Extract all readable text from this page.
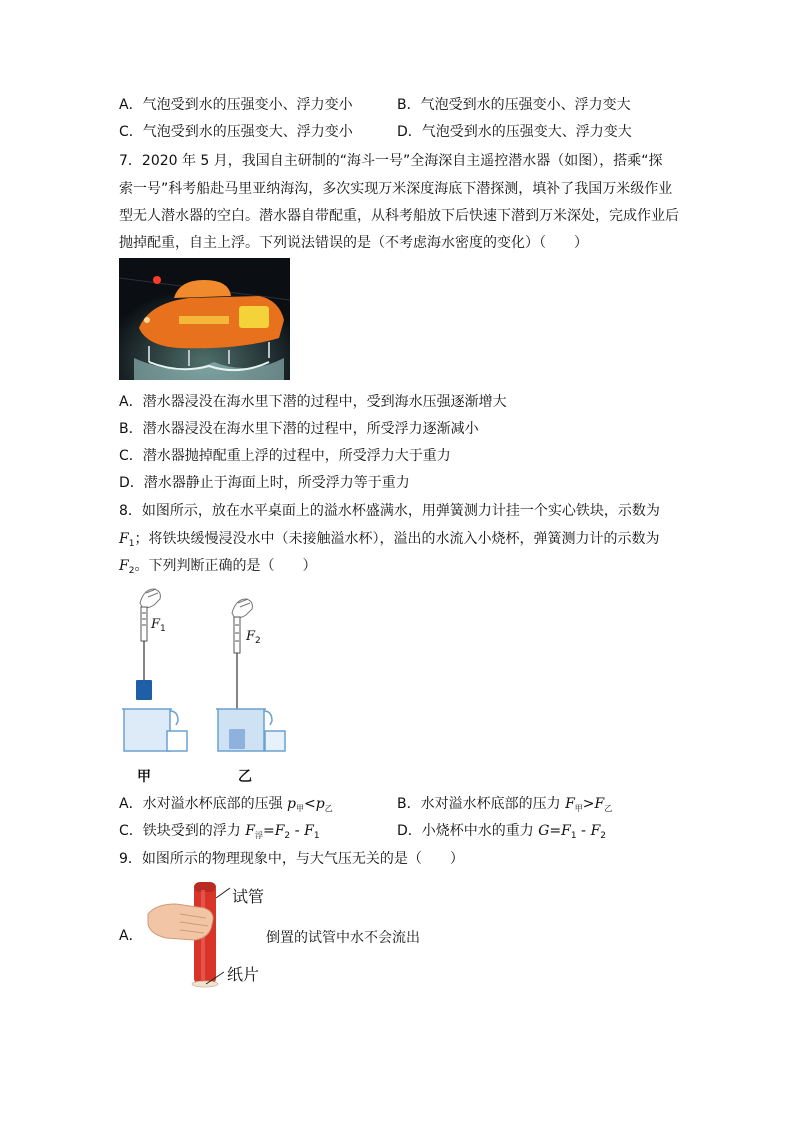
A．气泡受到水的压强变小、浮力变小	B．气泡受到水的压强变小、浮力变大
C．气泡受到水的压强变大、浮力变小	D．气泡受到水的压强变大、浮力变大
7．2020 年 5 月，我国自主研制的“海斗一号”全海深自主遥控潜水器（如图），搭乘“探
索一号”科考船赴马里亚纳海沟，多次实现万米深度海底下潜探测，填补了我国万米级作业
型无人潜水器的空白。潜水器自带配重，从科考船放下后快速下潜到万米深处，完成作业后
抛掉配重，自主上浮。下列说法错误的是（不考虑海水密度的变化）（　　）
A．潜水器浸没在海水里下潜的过程中，受到海水压强逐渐增大
B．潜水器浸没在海水里下潜的过程中，所受浮力逐渐减小
C．潜水器抛掉配重上浮的过程中，所受浮力大于重力
D．潜水器静止于海面上时，所受浮力等于重力
8．如图所示，放在水平桌面上的溢水杯盛满水，用弹簧测力计挂一个实心铁块，示数为
$F_1$；将铁块缓慢浸没水中（未接触溢水杯），溢出的水流入小烧杯，弹簧测力计的示数为
$F_2$。下列判断正确的是（　　）
$F_1$	$F_2$
甲	乙
A．水对溢水杯底部的压强 $p_甲<p_乙$	B．水对溢水杯底部的压力 $F_甲>F_乙$
C．铁块受到的浮力 $F_浮=F_2 - F_1$	D．小烧杯中水的重力 $G=F_1 - F_2$
9．如图所示的物理现象中，与大气压无关的是（　　）
A．
试管
纸片
倒置的试管中水不会流出
